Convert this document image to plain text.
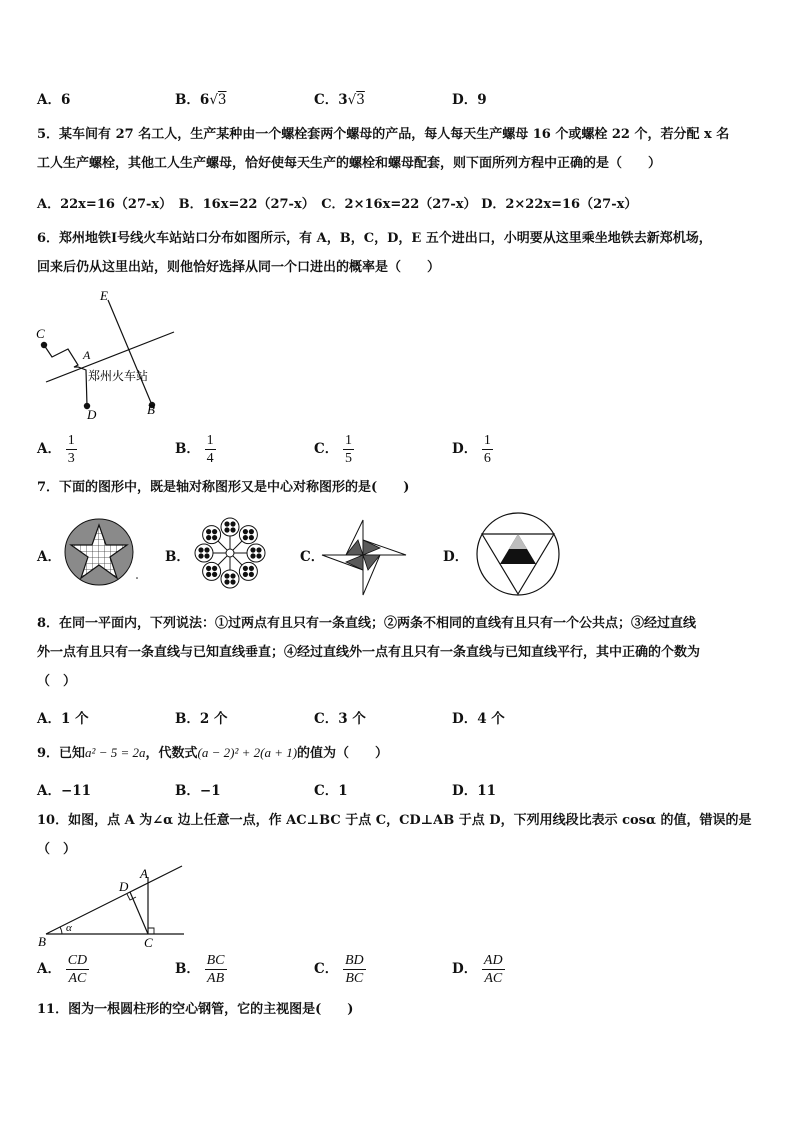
A．6	B．6√3	C．3√3	D．9
5．某车间有 27 名工人，生产某种由一个螺栓套两个螺母的产品，每人每天生产螺母 16 个或螺栓 22 个，若分配 x 名
工人生产螺栓，其他工人生产螺母，恰好使每天生产的螺栓和螺母配套，则下面所列方程中正确的是（　　）
A．22x=16（27-x）　B．16x=22（27-x）　C．2×16x=22（27-x） D．2×22x=16（27-x）
6．郑州地铁Ⅰ号线火车站站口分布如图所示，有 A，B，C，D，E 五个进出口，小明要从这里乘坐地铁去新郑机场，
回来后仍从这里出站，则他恰好选择从同一个口进出的概率是（　　）
E
C
A
D	B
郑州火车站
A． $\frac{1}{3}$	B． $\frac{1}{4}$	C． $\frac{1}{5}$	D． $\frac{1}{6}$
7．下面的图形中，既是轴对称图形又是中心对称图形的是(　　)
A．	B．	C．	D．
8．在同一平面内，下列说法：①过两点有且只有一条直线；②两条不相同的直线有且只有一个公共点；③经过直线
外一点有且只有一条直线与已知直线垂直；④经过直线外一点有且只有一条直线与已知直线平行，其中正确的个数为
（　）
A．1 个	B．2 个	C．3 个	D．4 个
9．已知a² − 5 = 2a，代数式(a − 2)² + 2(a + 1)的值为（　　）
A．−11	B．−1	C．1	D．11
10．如图，点 A 为∠α 边上任意一点，作 AC⊥BC 于点 C，CD⊥AB 于点 D，下列用线段比表示 cosα 的值，错误的是
（　）
A
D
B	C
α
A． $\frac{CD}{AC}$	B． $\frac{BC}{AB}$	C． $\frac{BD}{BC}$	D． $\frac{AD}{AC}$
11．图为一根圆柱形的空心钢管，它的主视图是(　　)
